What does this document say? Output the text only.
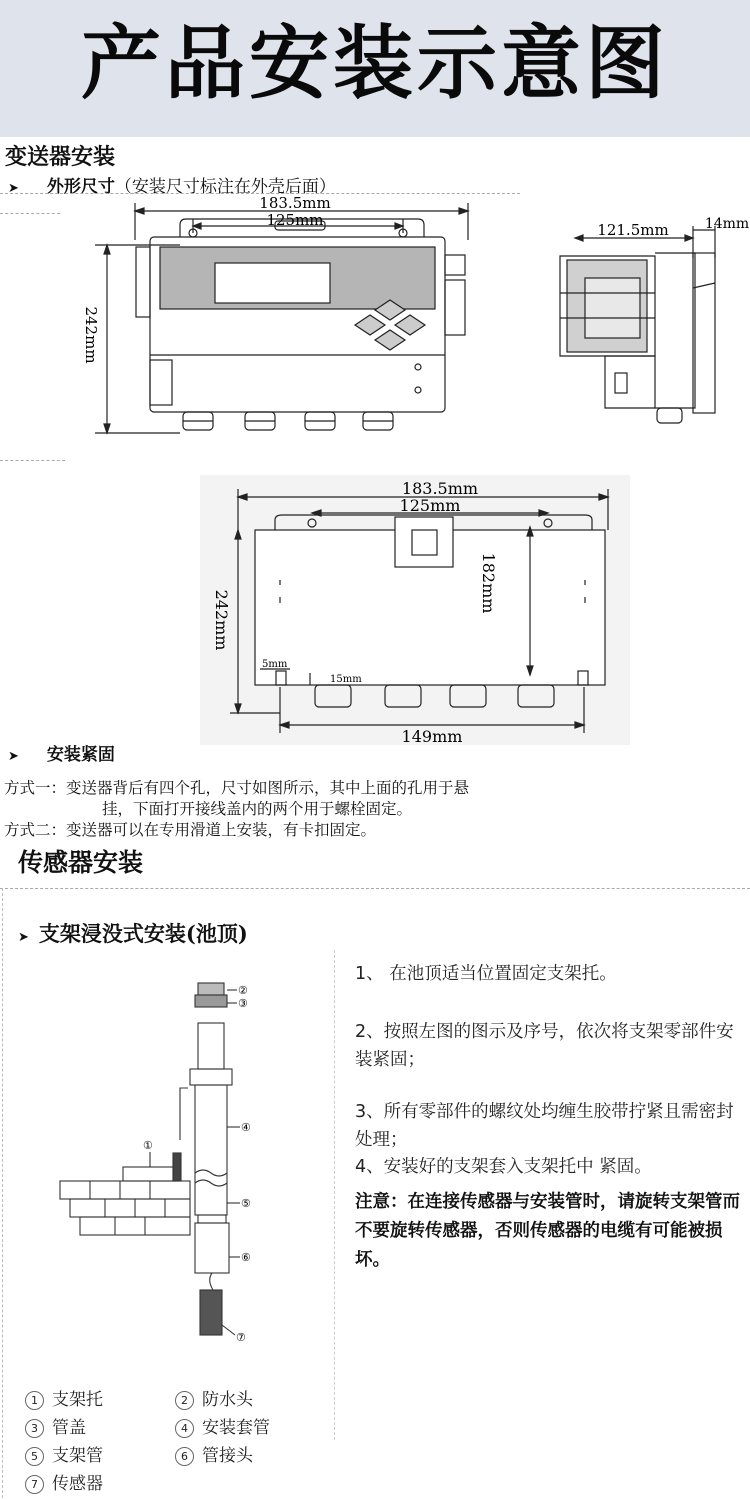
产品安装示意图
变送器安装
➤ 外形尺寸（安装尺寸标注在外壳后面）
183.5mm
125mm
242mm
121.5mm	14mm
183.5mm
125mm
242mm
182mm
5mm
15mm
149mm
➤ 安装紧固
方式一：变送器背后有四个孔，尺寸如图所示，其中上面的孔用于悬
挂，下面打开接线盖内的两个用于螺栓固定。
方式二：变送器可以在专用滑道上安装，有卡扣固定。
传感器安装
➤ 支架浸没式安装(池顶)
②
③
①
④
⑤
⑥
⑦
1、 在池顶适当位置固定支架托。
2、按照左图的图示及序号，依次将支架零部件安装紧固；
3、所有零部件的螺纹处均缠生胶带拧紧且需密封处理；
4、安装好的支架套入支架托中 紧固。
注意：在连接传感器与安装管时，请旋转支架管而不要旋转传感器，否则传感器的电缆有可能被损坏。
1 支架托	2 防水头
3 管盖	4 安装套管
5 支架管	6 管接头
7 传感器
